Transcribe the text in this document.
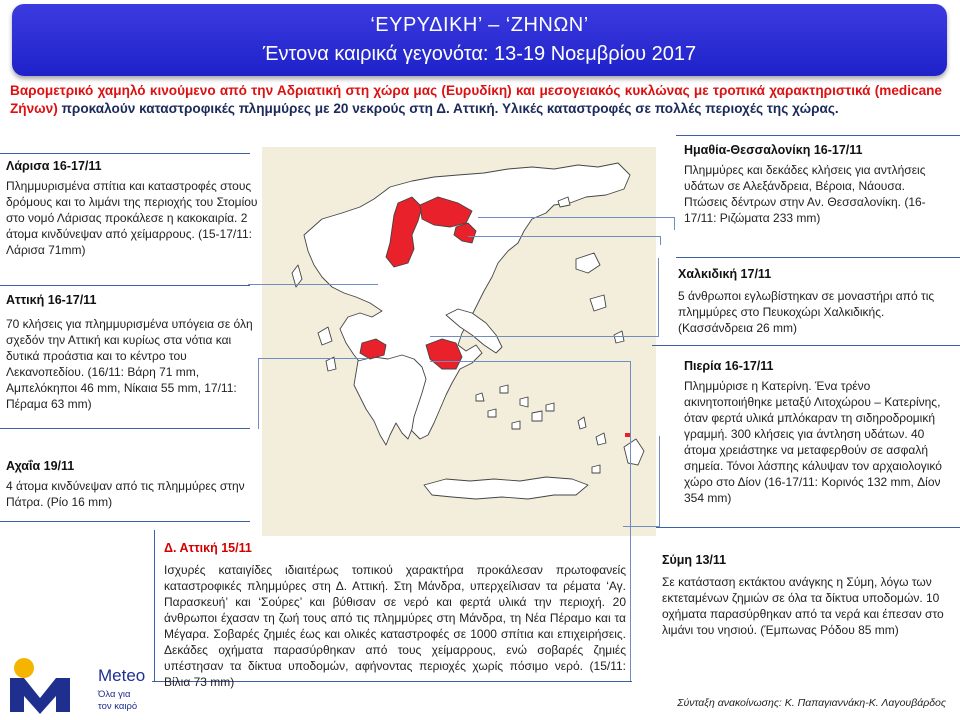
‘ΕΥΡΥΔΙΚΗ’ – ‘ΖΗΝΩΝ’
Έντονα καιρικά γεγονότα: 13-19 Νοεμβρίου 2017
Βαρομετρικό χαμηλό κινούμενο από την Αδριατική στη χώρα μας (Ευρυδίκη) και μεσογειακός κυκλώνας με τροπικά χαρακτηριστικά (medicane Ζήνων) προκαλούν καταστροφικές πλημμύρες με 20 νεκρούς στη Δ. Αττική. Υλικές καταστροφές σε πολλές περιοχές της χώρας.
Λάρισα 16-17/11
Πλημμυρισμένα σπίτια και καταστροφές στους δρόμους και το λιμάνι της περιοχής του Στομίου στο νομό Λάρισας προκάλεσε η κακοκαιρία. 2 άτομα κινδύνεψαν από χείμαρρους. (15-17/11: Λάρισα 71mm)
Αττική 16-17/11
70 κλήσεις για πλημμυρισμένα υπόγεια σε όλη σχεδόν την Αττική και κυρίως στα νότια και δυτικά προάστια και το κέντρο του Λεκανοπεδίου. (16/11: Βάρη 71 mm, Αμπελόκηποι 46 mm, Νίκαια 55 mm, 17/11: Πέραμα 63 mm)
Αχαΐα 19/11
4 άτομα κινδύνεψαν από τις πλημμύρες στην Πάτρα. (Ρίο 16 mm)
Δ. Αττική 15/11
Ισχυρές καταιγίδες ιδιαιτέρως τοπικού χαρακτήρα προκάλεσαν πρωτοφανείς καταστροφικές πλημμύρες στη Δ. Αττική. Στη Μάνδρα, υπερχείλισαν τα ρέματα ‘Αγ. Παρασκευή’ και ‘Σούρες’ και βύθισαν σε νερό και φερτά υλικά την περιοχή. 20 άνθρωποι έχασαν τη ζωή τους από τις πλημμύρες στη Μάνδρα, τη Νέα Πέραμο και τα Μέγαρα. Σοβαρές ζημιές έως και ολικές καταστροφές σε 1000 σπίτια και επιχειρήσεις. Δεκάδες οχήματα παρασύρθηκαν από τους χείμαρρους, ενώ σοβαρές ζημιές υπέστησαν τα δίκτυα υποδομών, αφήνοντας περιοχές χωρίς πόσιμο νερό. (15/11: Βίλια 73 mm)
Ημαθία-Θεσσαλονίκη 16-17/11
Πλημμύρες και δεκάδες κλήσεις για αντλήσεις υδάτων σε Αλεξάνδρεια, Βέροια, Νάουσα. Πτώσεις δέντρων στην Αν. Θεσσαλονίκη. (16-17/11: Ριζώματα 233 mm)
Χαλκιδική 17/11
5 άνθρωποι εγλωβίστηκαν σε μοναστήρι από τις πλημμύρες στο Πευκοχώρι Χαλκιδικής. (Κασσάνδρεια 26 mm)
Πιερία 16-17/11
Πλημμύρισε η Κατερίνη. Ένα τρένο ακινητοποιήθηκε μεταξύ Λιτοχώρου – Κατερίνης, όταν φερτά υλικά μπλόκαραν τη σιδηροδρομική γραμμή. 300 κλήσεις για άντληση υδάτων. 40 άτομα χρειάστηκε να μεταφερθούν σε ασφαλή σημεία. Τόνοι λάσπης κάλυψαν τον αρχαιολογικό χώρο στο Δίον (16-17/11: Κορινός 132 mm, Δίον 354 mm)
Σύμη 13/11
Σε κατάσταση εκτάκτου ανάγκης η Σύμη, λόγω των εκτεταμένων ζημιών σε όλα τα δίκτυα υποδομών. 10 οχήματα παρασύρθηκαν από τα νερά και έπεσαν στο λιμάνι του νησιού. (Έμπωνας Ρόδου 85 mm)
Meteo
Όλα για
τον καιρό	Σύνταξη ανακοίνωσης: Κ. Παπαγιαννάκη-Κ. Λαγουβάρδος
